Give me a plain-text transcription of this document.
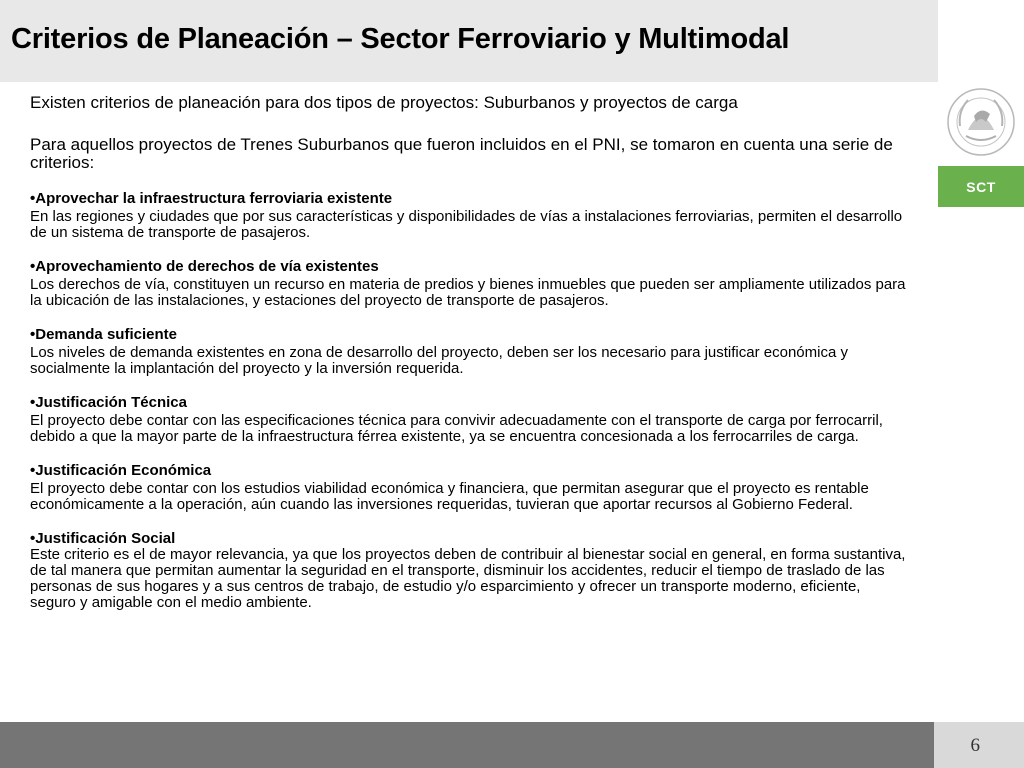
Criterios de Planeación – Sector Ferroviario y Multimodal
SCT

Existen criterios de planeación para dos tipos de proyectos: Suburbanos y proyectos de carga

Para aquellos proyectos de Trenes Suburbanos que fueron incluidos en el PNI, se tomaron en cuenta una serie de criterios:

•Aprovechar la infraestructura ferroviaria existente

En las regiones y ciudades que por sus características y disponibilidades de vías a instalaciones ferroviarias, permiten el desarrollo de un sistema de transporte de pasajeros.

•Aprovechamiento de derechos de vía existentes

Los derechos de vía, constituyen un recurso en materia de predios y bienes inmuebles que pueden ser ampliamente utilizados para la ubicación de las instalaciones, y estaciones del proyecto de transporte de pasajeros.

•Demanda suficiente

Los niveles de demanda existentes en zona de desarrollo del proyecto, deben ser los necesario para justificar económica y socialmente la implantación del proyecto y la inversión requerida.

•Justificación Técnica

El proyecto debe contar con las especificaciones técnica para convivir adecuadamente con el transporte de carga por ferrocarril, debido a que la mayor parte de la infraestructura férrea existente, ya se encuentra concesionada a los ferrocarriles de carga.

•Justificación Económica

El proyecto debe contar con los estudios viabilidad económica y financiera, que permitan asegurar que el proyecto es rentable económicamente a la operación, aún cuando las inversiones requeridas, tuvieran que aportar recursos al Gobierno Federal.

•Justificación Social

Este criterio es el de mayor relevancia, ya que los proyectos deben de contribuir al bienestar social en general, en forma sustantiva, de tal manera que permitan aumentar la seguridad en el transporte, disminuir los accidentes, reducir el tiempo de traslado de las personas de sus hogares y a sus centros de trabajo, de estudio y/o esparcimiento y ofrecer un transporte moderno, eficiente, seguro y amigable con el medio ambiente.

6
